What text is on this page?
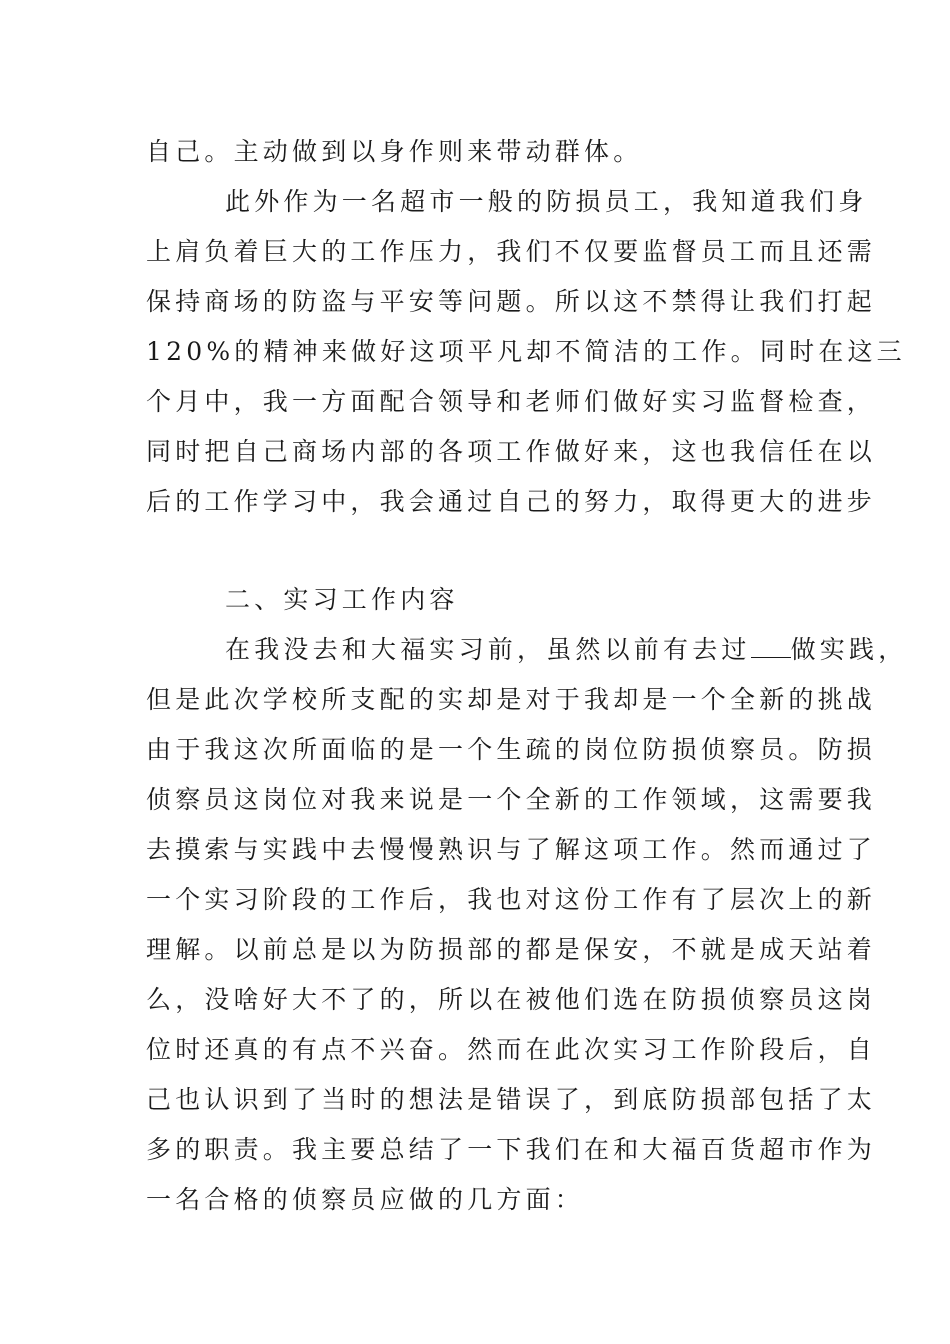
自己。主动做到以身作则来带动群体。
此外作为一名超市一般的防损员工，我知道我们身
上肩负着巨大的工作压力，我们不仅要监督员工而且还需
保持商场的防盗与平安等问题。所以这不禁得让我们打起
120%的精神来做好这项平凡却不简洁的工作。同时在这三
个月中，我一方面配合领导和老师们做好实习监督检查，
同时把自己商场内部的各项工作做好来，这也我信任在以
后的工作学习中，我会通过自己的努力，取得更大的进步
二、实习工作内容
在我没去和大福实习前，虽然以前有去过 做实践，
但是此次学校所支配的实却是对于我却是一个全新的挑战
由于我这次所面临的是一个生疏的岗位防损侦察员。防损
侦察员这岗位对我来说是一个全新的工作领域，这需要我
去摸索与实践中去慢慢熟识与了解这项工作。然而通过了
一个实习阶段的工作后，我也对这份工作有了层次上的新
理解。以前总是以为防损部的都是保安，不就是成天站着
么，没啥好大不了的，所以在被他们选在防损侦察员这岗
位时还真的有点不兴奋。然而在此次实习工作阶段后，自
己也认识到了当时的想法是错误了，到底防损部包括了太
多的职责。我主要总结了一下我们在和大福百货超市作为
一名合格的侦察员应做的几方面：
